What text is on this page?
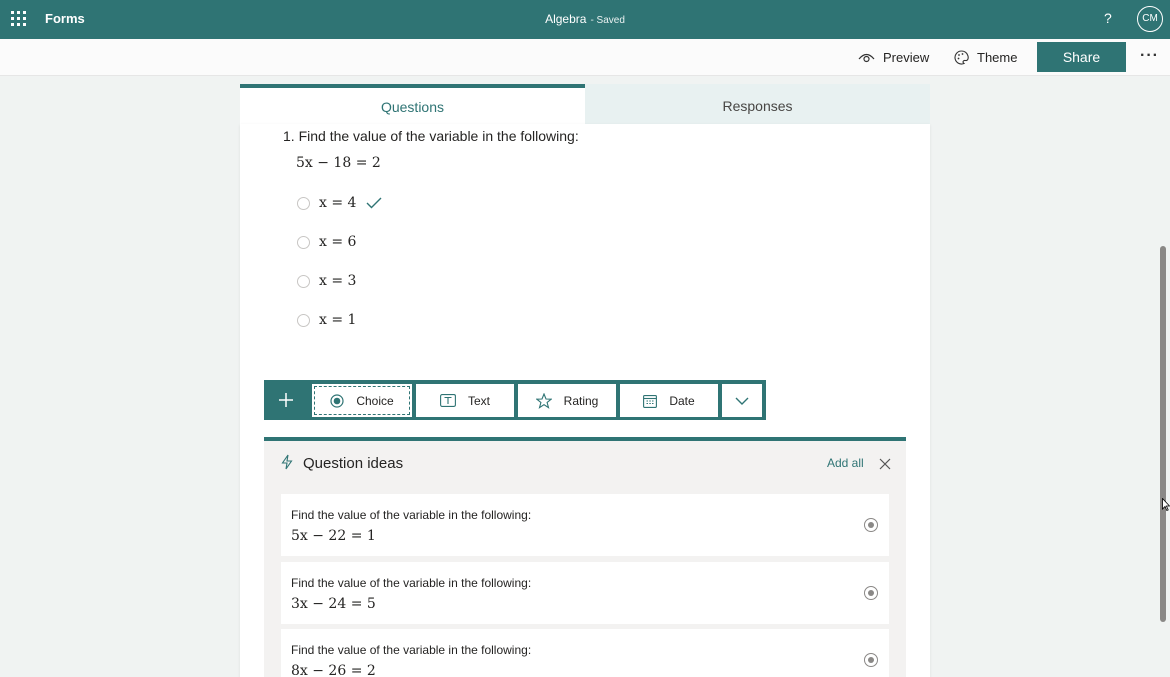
Forms	Algebra - Saved	?	CM
Preview	Theme	Share	···
Questions	Responses
1. Find the value of the variable in the following:
5x − 18 = 2
x = 4
x = 6
x = 3
x = 1
Choice	Text	Rating	Date
Question ideas	Add all
Find the value of the variable in the following:
5x − 22 = 1
Find the value of the variable in the following:
3x − 24 = 5
Find the value of the variable in the following:
8x − 26 = 2
